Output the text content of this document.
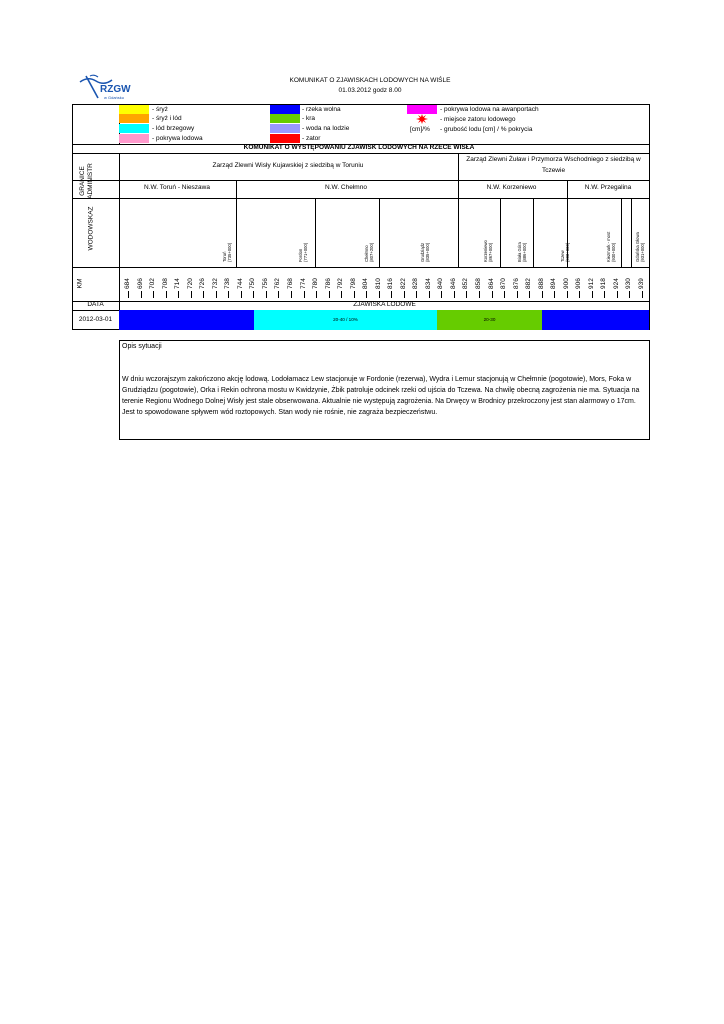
RZGW
w Gdańsku
KOMUNIKAT O ZJAWISKACH LODOWYCH NA WIŚLE
01.03.2012 godz 8.00
- śryż
- śryż i lód
- lód brzegowy
- pokrywa lodowa
- rzeka wolna
- kra
- woda na lodzie
- zator
- pokrywa lodowa na awanportach
- miejsce zatoru lodowego
[cm]/% - grubość lodu [cm] / % pokrycia
KOMUNIKAT O WYSTĘPOWANIU ZJAWISK LODOWYCH NA RZECE WISŁA
GRANICE ADMINISTR	Zarząd Zlewni Wisły Kujawskiej z siedzibą w Toruniu
Zarząd Zlewni Żuław i Przymorza Wschodniego z siedzibą w Tczewie
N.W. Toruń - Nieszawa	N.W. Chełmno	N.W. Korzeniewo	N.W. Przegalina
WODOWSKAZ
Toruń (735+000)	Fordon (771+000)	Chełmno (807+200)	Grudziądz (835+000)	Korzeniewo (867+000)	Biała Góra (886+000)	Tczew (908+000)	Kiezmark - most (930+000)	Gdańska Głowa (931+000)
KM	684 696 702 708 714 720 726 732 738 744 750 756 762 768 774 780 786 792 798 804 810 816 822 828 834 840 846 852 858 864 870 876 882 888 894 900 906 912 918 924 930 939
DATA	ZJAWISKA LODOWE
2012-03-01	20-40 / 10%	20-30
Opis sytuacji
W dniu wczorajszym zakończono akcję lodową. Lodołamacz Lew stacjonuje w Fordonie (rezerwa), Wydra i Lemur stacjonują w Chełmnie (pogotowie), Mors, Foka w Grudziądzu (pogotowie), Orka i Rekin ochrona mostu w Kwidzynie, Żbik patroluje odcinek rzeki od ujścia do Tczewa. Na chwilę obecną zagrożenia nie ma. Sytuacja na terenie Regionu Wodnego Dolnej Wisły jest stale obserwowana. Aktualnie nie występują zagrożenia. Na Drwęcy w Brodnicy przekroczony jest stan alarmowy o 17cm. Jest to spowodowane spływem wód roztopowych. Stan wody nie rośnie, nie zagraża bezpieczeństwu.
